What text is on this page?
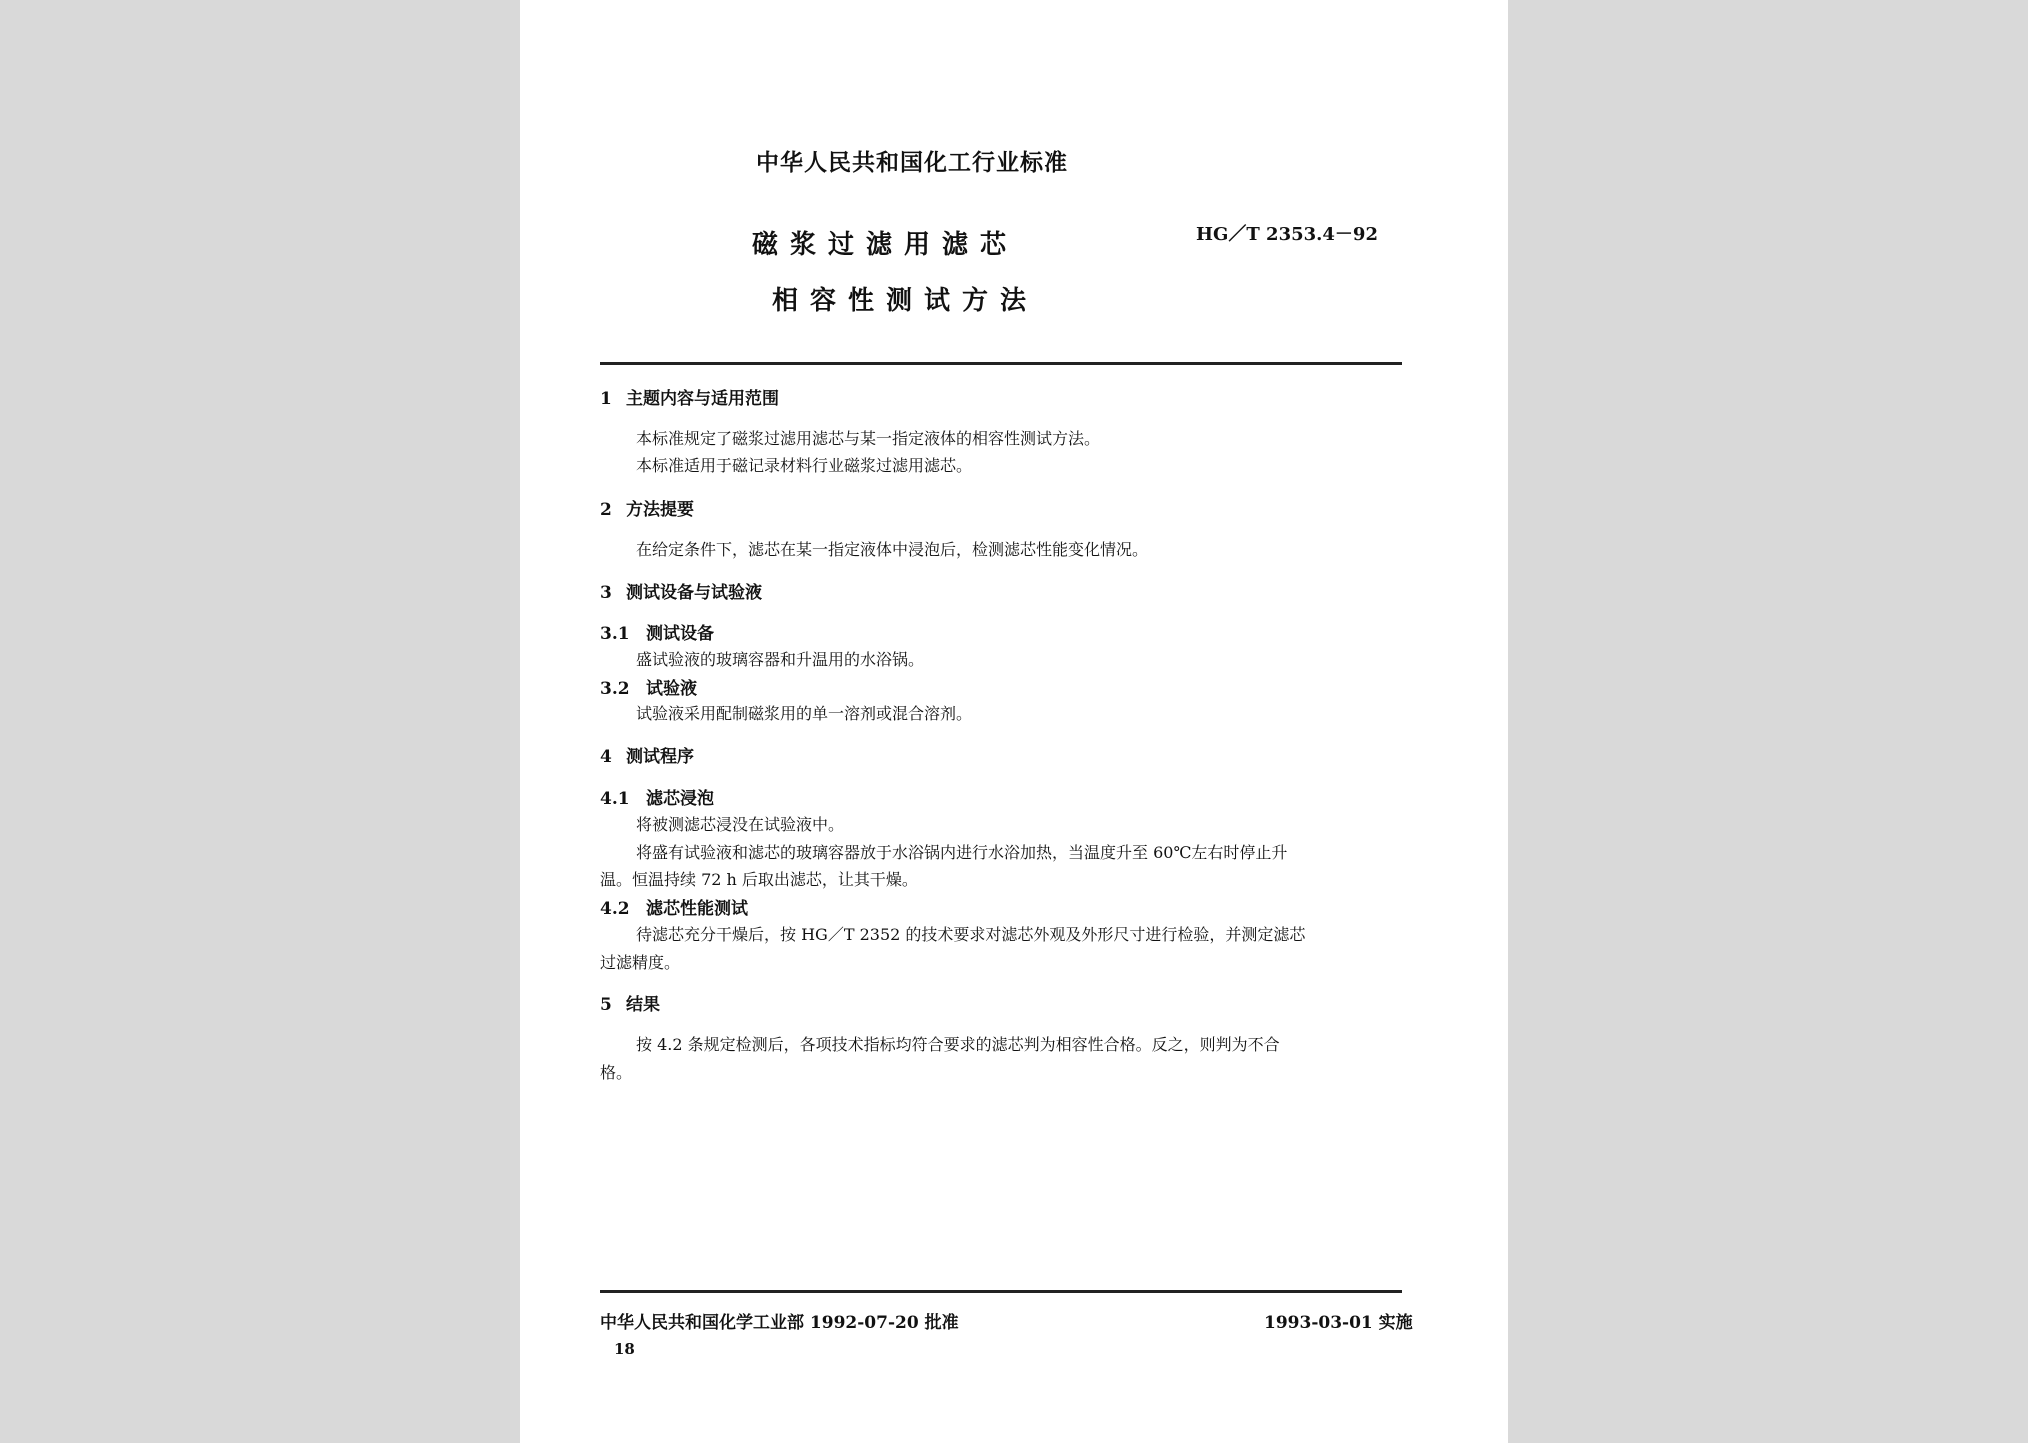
中华人民共和国化工行业标准
磁浆过滤用滤芯
相容性测试方法
HG／T 2353.4－92
1 主题内容与适用范围
本标准规定了磁浆过滤用滤芯与某一指定液体的相容性测试方法。
本标准适用于磁记录材料行业磁浆过滤用滤芯。
2 方法提要
在给定条件下，滤芯在某一指定液体中浸泡后，检测滤芯性能变化情况。
3 测试设备与试验液
3.1 测试设备
盛试验液的玻璃容器和升温用的水浴锅。
3.2 试验液
试验液采用配制磁浆用的单一溶剂或混合溶剂。
4 测试程序
4.1 滤芯浸泡
将被测滤芯浸没在试验液中。
将盛有试验液和滤芯的玻璃容器放于水浴锅内进行水浴加热，当温度升至 60℃左右时停止升
温。恒温持续 72 h 后取出滤芯，让其干燥。
4.2 滤芯性能测试
待滤芯充分干燥后，按 HG／T 2352 的技术要求对滤芯外观及外形尺寸进行检验，并测定滤芯
过滤精度。
5 结果
按 4.2 条规定检测后，各项技术指标均符合要求的滤芯判为相容性合格。反之，则判为不合
格。
中华人民共和国化学工业部 1992-07-20 批准	1993-03-01 实施
18
